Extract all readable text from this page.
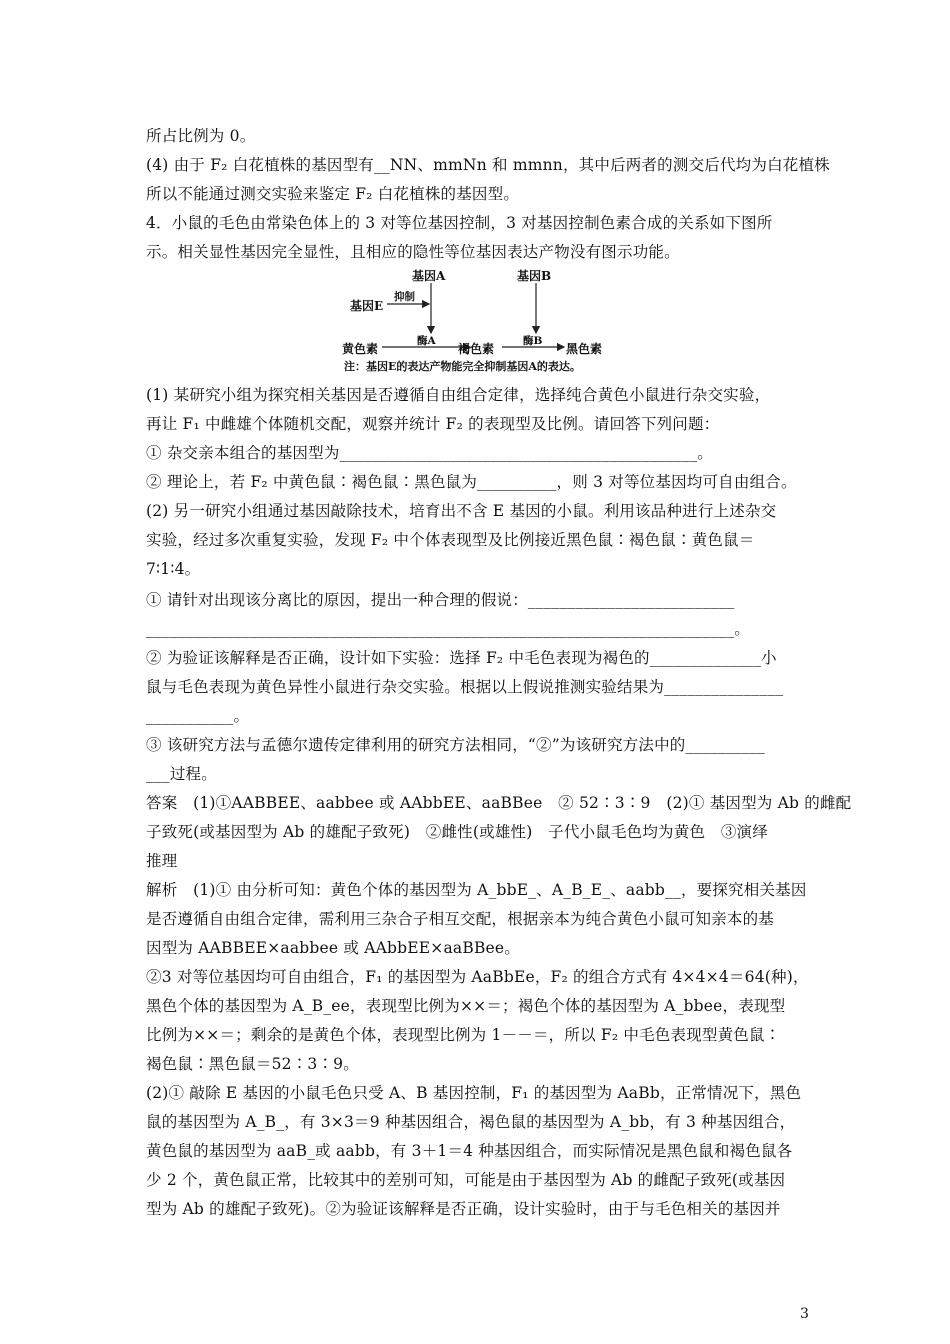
所占比例为 0。
(4) 由于 F₂ 白花植株的基因型有__NN、mmNn 和 mmnn，其中后两者的测交后代均为白花植株
所以不能通过测交实验来鉴定 F₂ 白花植株的基因型。
4．小鼠的毛色由常染色体上的 3 对等位基因控制，3 对基因控制色素合成的关系如下图所
示。相关显性基因完全显性，且相应的隐性等位基因表达产物没有图示功能。
基因A	基因B
基因E
抑制
酶A	酶B
黄色素	褐色素	黑色素
注：基因E的表达产物能完全抑制基因A的表达。
(1) 某研究小组为探究相关基因是否遵循自由组合定律，选择纯合黄色小鼠进行杂交实验，
再让 F₁ 中雌雄个体随机交配，观察并统计 F₂ 的表现型及比例。请回答下列问题：
① 杂交亲本组合的基因型为_____________________________________________。
② 理论上，若 F₂ 中黄色鼠∶褐色鼠∶黑色鼠为__________，则 3 对等位基因均可自由组合。
(2) 另一研究小组通过基因敲除技术，培育出不含 E 基因的小鼠。利用该品种进行上述杂交
实验，经过多次重复实验，发现 F₂ 中个体表现型及比例接近黑色鼠∶褐色鼠∶黄色鼠＝
7∶1∶4。
① 请针对出现该分离比的原因，提出一种合理的假说：__________________________
__________________________________________________________________________。
② 为验证该解释是否正确，设计如下实验：选择 F₂ 中毛色表现为褐色的______________小
鼠与毛色表现为黄色异性小鼠进行杂交实验。根据以上假说推测实验结果为_______________
___________。
③ 该研究方法与孟德尔遗传定律利用的研究方法相同，“②”为该研究方法中的__________
___过程。
答案　(1)①AABBEE、aabbee 或 AAbbEE、aaBBee　② 52∶3∶9　(2)① 基因型为 Ab 的雌配
子致死(或基因型为 Ab 的雄配子致死)　②雌性(或雄性)　子代小鼠毛色均为黄色　③演绎
推理
解析　(1)① 由分析可知：黄色个体的基因型为 A_bbE_、A_B_E_、aabb__，要探究相关基因
是否遵循自由组合定律，需利用三杂合子相互交配，根据亲本为纯合黄色小鼠可知亲本的基
因型为 AABBEE×aabbee 或 AAbbEE×aaBBee。
②3 对等位基因均可自由组合，F₁ 的基因型为 AaBbEe，F₂ 的组合方式有 4×4×4＝64(种)，
黑色个体的基因型为 A_B_ee，表现型比例为××＝；褐色个体的基因型为 A_bbee，表现型
比例为××＝；剩余的是黄色个体，表现型比例为 1－－＝，所以 F₂ 中毛色表现型黄色鼠∶
褐色鼠∶黑色鼠＝52∶3∶9。
(2)① 敲除 E 基因的小鼠毛色只受 A、B 基因控制，F₁ 的基因型为 AaBb，正常情况下，黑色
鼠的基因型为 A_B_，有 3×3＝9 种基因组合，褐色鼠的基因型为 A_bb，有 3 种基因组合，
黄色鼠的基因型为 aaB_或 aabb，有 3＋1＝4 种基因组合，而实际情况是黑色鼠和褐色鼠各
少 2 个，黄色鼠正常，比较其中的差别可知，可能是由于基因型为 Ab 的雌配子致死(或基因
型为 Ab 的雄配子致死)。②为验证该解释是否正确，设计实验时，由于与毛色相关的基因并
3
